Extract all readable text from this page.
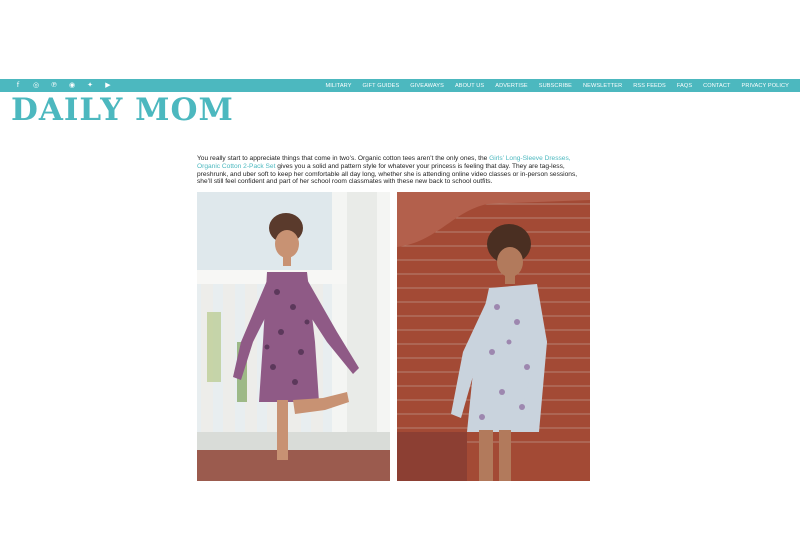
f	◎ ℗ ◉ ✦ ▶	MILITARY GIFT GUIDES GIVEAWAYS ABOUT US ADVERTISE SUBSCRIBE NEWSLETTER RSS FEEDS FAQS CONTACT PRIVACY POLICY
DAILY MOM
You really start to appreciate things that come in two’s. Organic cotton tees aren’t the only ones, the Girls’ Long-Sleeve Dresses, Organic Cotton 2-Pack Set gives you a solid and pattern style for whatever your princess is feeling that day. They are tag-less, preshrunk, and uber soft to keep her comfortable all day long, whether she is attending online video classes or in-person sessions, she’ll still feel confident and part of her school room classmates with these new back to school outfits.
